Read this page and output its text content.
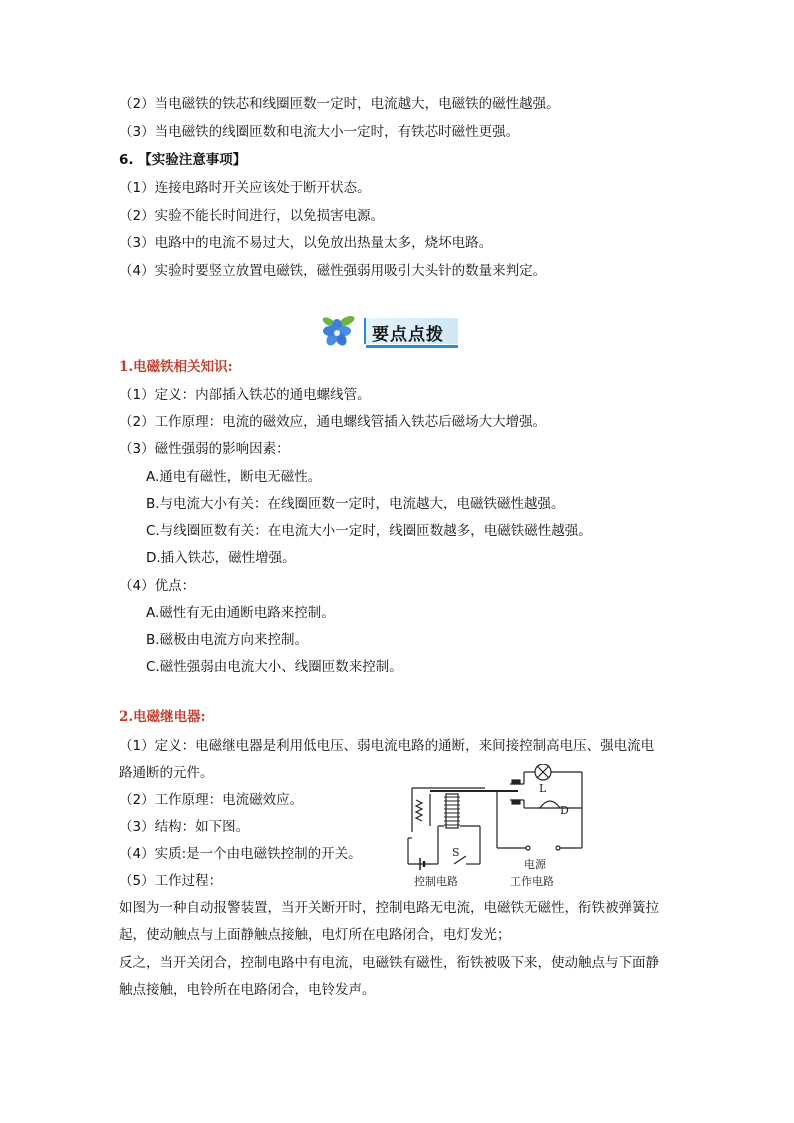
（2）当电磁铁的铁芯和线圈匝数一定时，电流越大，电磁铁的磁性越强。
（3）当电磁铁的线圈匝数和电流大小一定时，有铁芯时磁性更强。
6. 【实验注意事项】
（1）连接电路时开关应该处于断开状态。
（2）实验不能长时间进行，以免损害电源。
（3）电路中的电流不易过大，以免放出热量太多，烧坏电路。
（4）实验时要竖立放置电磁铁，磁性强弱用吸引大头针的数量来判定。
要点点拨
1.电磁铁相关知识:
（1）定义：内部插入铁芯的通电螺线管。
（2）工作原理：电流的磁效应，通电螺线管插入铁芯后磁场大大增强。
（3）磁性强弱的影响因素：
A.通电有磁性，断电无磁性。
B.与电流大小有关：在线圈匝数一定时，电流越大，电磁铁磁性越强。
C.与线圈匝数有关：在电流大小一定时，线圈匝数越多，电磁铁磁性越强。
D.插入铁芯，磁性增强。
（4）优点：
A.磁性有无由通断电路来控制。
B.磁极由电流方向来控制。
C.磁性强弱由电流大小、线圈匝数来控制。
2.电磁继电器:
（1）定义：电磁继电器是利用低电压、弱电流电路的通断，来间接控制高电压、强电流电
路通断的元件。
（2）工作原理：电流磁效应。
（3）结构：如下图。
（4）实质:是一个由电磁铁控制的开关。
（5）工作过程：
如图为一种自动报警装置，当开关断开时，控制电路无电流，电磁铁无磁性，衔铁被弹簧拉
起，使动触点与上面静触点接触，电灯所在电路闭合，电灯发光；
反之，当开关闭合，控制电路中有电流，电磁铁有磁性，衔铁被吸下来，使动触点与下面静
触点接触，电铃所在电路闭合，电铃发声。
L
D
S
电源
控制电路	工作电路
